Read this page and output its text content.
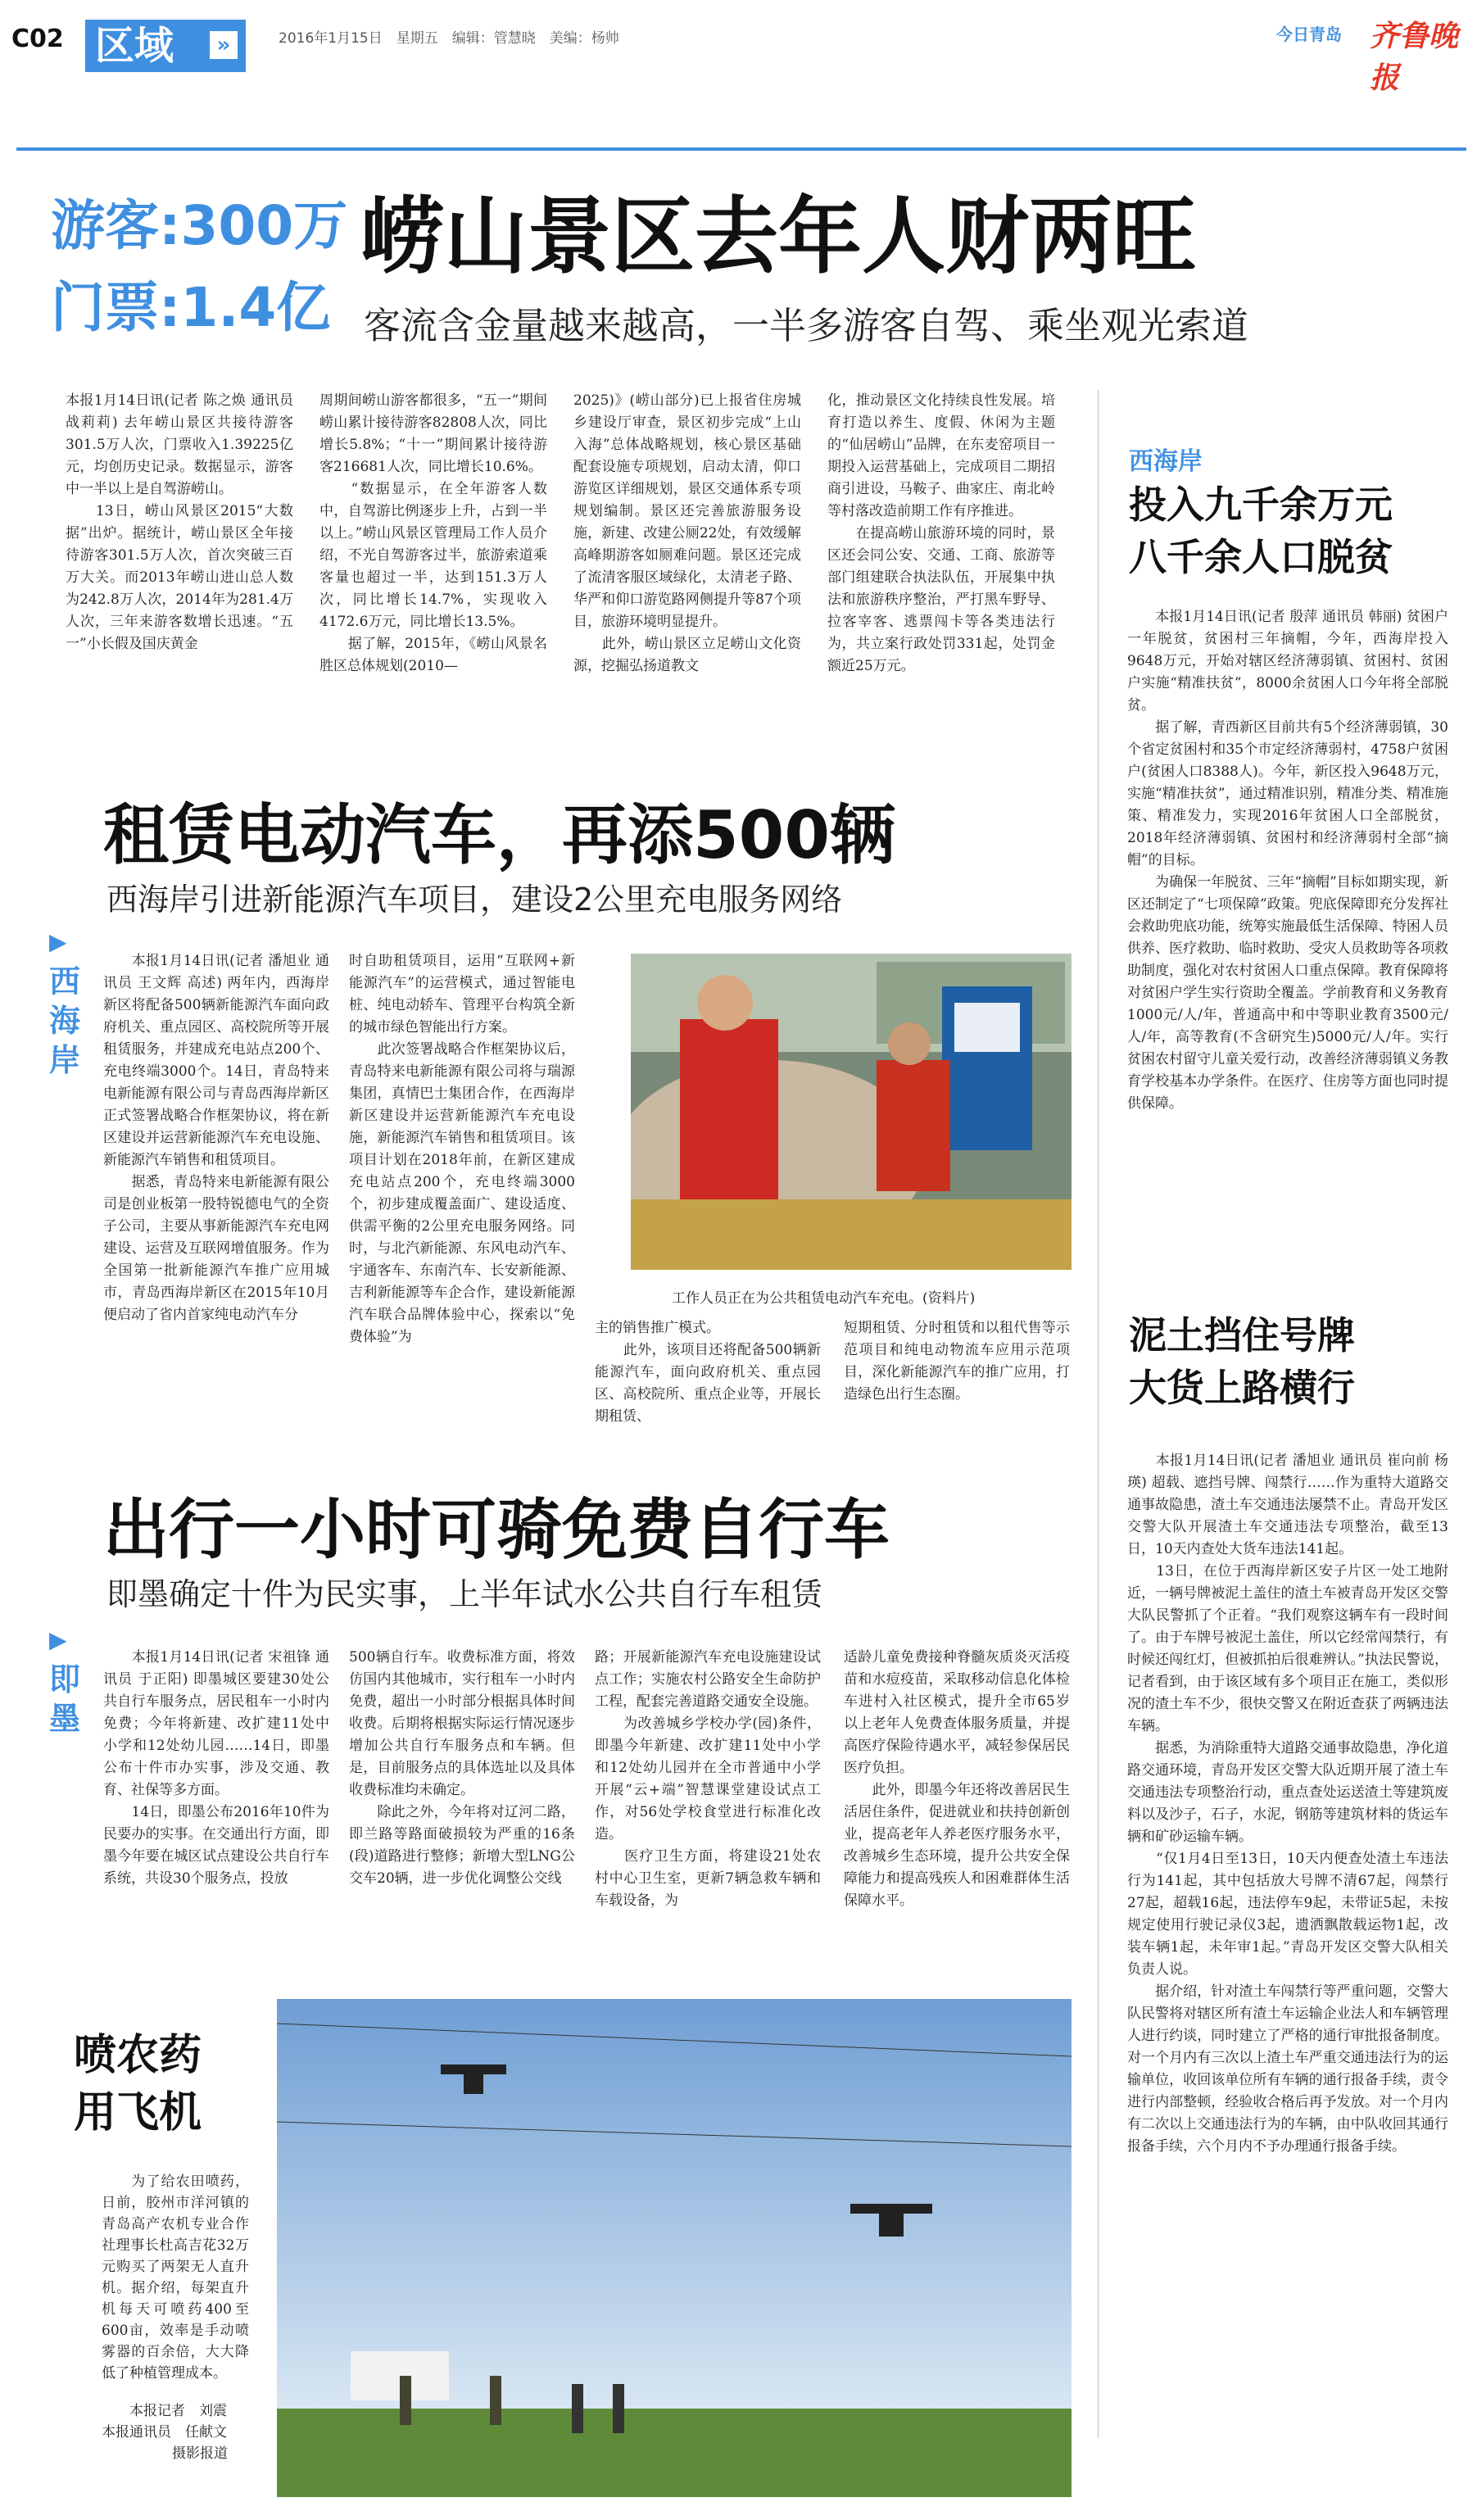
C02 区域	»	2016年1月15日　星期五　编辑：管慧晓　美编：杨帅	今日青岛 齐鲁晚报
游客:300万
门票:1.4亿
崂山景区去年人财两旺
客流含金量越来越高，一半多游客自驾、乘坐观光索道
本报1月14日讯(记者 陈之焕 通讯员 战莉莉) 去年崂山景区共接待游客301.5万人次，门票收入1.39225亿元，均创历史记录。数据显示，游客中一半以上是自驾游崂山。
　　13日，崂山风景区2015“大数据”出炉。据统计，崂山景区全年接待游客301.5万人次，首次突破三百万大关。而2013年崂山进山总人数为242.8万人次，2014年为281.4万人次，三年来游客数增长迅速。“五一”小长假及国庆黄金
周期间崂山游客都很多，“五一”期间崂山累计接待游客82808人次，同比增长5.8%；“十一”期间累计接待游客216681人次，同比增长10.6%。
　　“数据显示，在全年游客人数中，自驾游比例逐步上升，占到一半以上。”崂山风景区管理局工作人员介绍，不光自驾游客过半，旅游索道乘客量也超过一半，达到151.3万人次，同比增长14.7%，实现收入4172.6万元，同比增长13.5%。
　　据了解，2015年，《崂山风景名胜区总体规划(2010—
2025)》(崂山部分)已上报省住房城乡建设厅审查，景区初步完成“上山入海”总体战略规划，核心景区基础配套设施专项规划，启动太清，仰口游览区详细规划，景区交通体系专项规划编制。景区还完善旅游服务设施，新建、改建公厕22处，有效缓解高峰期游客如厕难问题。景区还完成了流清客服区域绿化，太清老子路、华严和仰口游览路网侧提升等87个项目，旅游环境明显提升。
　　此外，崂山景区立足崂山文化资源，挖掘弘扬道教文
化，推动景区文化持续良性发展。培育打造以养生、度假、休闲为主题的“仙居崂山”品牌，在东麦窑项目一期投入运营基础上，完成项目二期招商引进设，马鞍子、曲家庄、南北岭等村落改造前期工作有序推进。
　　在提高崂山旅游环境的同时，景区还会同公安、交通、工商、旅游等部门组建联合执法队伍，开展集中执法和旅游秩序整治，严打黑车野导、拉客宰客、逃票闯卡等各类违法行为，共立案行政处罚331起，处罚金额近25万元。
西海岸
投入九千余万元
八千余人口脱贫
　　本报1月14日讯(记者 殷萍 通讯员 韩丽) 贫困户一年脱贫，贫困村三年摘帽，今年，西海岸投入9648万元，开始对辖区经济薄弱镇、贫困村、贫困户实施“精准扶贫”，8000余贫困人口今年将全部脱贫。
　　据了解，青西新区目前共有5个经济薄弱镇，30个省定贫困村和35个市定经济薄弱村，4758户贫困户(贫困人口8388人)。今年，新区投入9648万元，实施“精准扶贫”，通过精准识别，精准分类、精准施策、精准发力，实现2016年贫困人口全部脱贫，2018年经济薄弱镇、贫困村和经济薄弱村全部“摘帽”的目标。
　　为确保一年脱贫、三年“摘帽”目标如期实现，新区还制定了“七项保障”政策。兜底保障即充分发挥社会救助兜底功能，统筹实施最低生活保障、特困人员供养、医疗救助、临时救助、受灾人员救助等各项救助制度，强化对农村贫困人口重点保障。教育保障将对贫困户学生实行资助全覆盖。学前教育和义务教育1000元/人/年，普通高中和中等职业教育3500元/人/年，高等教育(不含研究生)5000元/人/年。实行贫困农村留守儿童关爱行动，改善经济薄弱镇义务教育学校基本办学条件。在医疗、住房等方面也同时提供保障。
泥土挡住号牌
大货上路横行
　　本报1月14日讯(记者 潘旭业 通讯员 崔向前 杨瑛) 超载、遮挡号牌、闯禁行……作为重特大道路交通事故隐患，渣土车交通违法屡禁不止。青岛开发区交警大队开展渣土车交通违法专项整治，截至13日，10天内查处大货车违法141起。
　　13日，在位于西海岸新区安子片区一处工地附近，一辆号牌被泥土盖住的渣土车被青岛开发区交警大队民警抓了个正着。“我们观察这辆车有一段时间了。由于车牌号被泥土盖住，所以它经常闯禁行，有时候还闯红灯，但被抓拍后很难辨认。”执法民警说，记者看到，由于该区域有多个项目正在施工，类似形况的渣土车不少，很快交警又在附近查获了两辆违法车辆。
　　据悉，为消除重特大道路交通事故隐患，净化道路交通环境，青岛开发区交警大队近期开展了渣土车交通违法专项整治行动，重点查处运送渣土等建筑废料以及沙子，石子，水泥，钢筋等建筑材料的货运车辆和矿砂运输车辆。
　　“仅1月4日至13日，10天内便查处渣土车违法行为141起，其中包括放大号牌不清67起，闯禁行27起，超载16起，违法停车9起，未带证5起，未按规定使用行驶记录仪3起，遗洒飘散载运物1起，改装车辆1起，未年审1起。”青岛开发区交警大队相关负责人说。
　　据介绍，针对渣土车闯禁行等严重问题，交警大队民警将对辖区所有渣土车运输企业法人和车辆管理人进行约谈，同时建立了严格的通行审批报备制度。对一个月内有三次以上渣土车严重交通违法行为的运输单位，收回该单位所有车辆的通行报备手续，责令进行内部整顿，经验收合格后再予发放。对一个月内有二次以上交通违法行为的车辆，由中队收回其通行报备手续，六个月内不予办理通行报备手续。
▶
西海岸
租赁电动汽车，再添500辆
西海岸引进新能源汽车项目，建设2公里充电服务网络
　　本报1月14日讯(记者 潘旭业 通讯员 王文辉 高述) 两年内，西海岸新区将配备500辆新能源汽车面向政府机关、重点园区、高校院所等开展租赁服务，并建成充电站点200个、充电终端3000个。14日，青岛特来电新能源有限公司与青岛西海岸新区正式签署战略合作框架协议，将在新区建设并运营新能源汽车充电设施、新能源汽车销售和租赁项目。
　　据悉，青岛特来电新能源有限公司是创业板第一股特锐德电气的全资子公司，主要从事新能源汽车充电网建设、运营及互联网增值服务。作为全国第一批新能源汽车推广应用城市，青岛西海岸新区在2015年10月便启动了省内首家纯电动汽车分
时自助租赁项目，运用“互联网+新能源汽车”的运营模式，通过智能电桩、纯电动轿车、管理平台构筑全新的城市绿色智能出行方案。
　　此次签署战略合作框架协议后，青岛特来电新能源有限公司将与瑞源集团，真情巴士集团合作，在西海岸新区建设并运营新能源汽车充电设施，新能源汽车销售和租赁项目。该项目计划在2018年前，在新区建成充电站点200个，充电终端3000个，初步建成覆盖面广、建设适度、供需平衡的2公里充电服务网络。同时，与北汽新能源、东风电动汽车、宇通客车、东南汽车、长安新能源、吉利新能源等车企合作，建设新能源汽车联合品牌体验中心，探索以“免费体验”为
工作人员正在为公共租赁电动汽车充电。(资料片)
主的销售推广模式。
　　此外，该项目还将配备500辆新能源汽车，面向政府机关、重点园区、高校院所、重点企业等，开展长期租赁、
短期租赁、分时租赁和以租代售等示范项目和纯电动物流车应用示范项目，深化新能源汽车的推广应用，打造绿色出行生态圈。
▶
即墨
出行一小时可骑免费自行车
即墨确定十件为民实事，上半年试水公共自行车租赁
　　本报1月14日讯(记者 宋祖锋 通讯员 于正阳) 即墨城区要建30处公共自行车服务点，居民租车一小时内免费；今年将新建、改扩建11处中小学和12处幼儿园……14日，即墨公布十件市办实事，涉及交通、教育、社保等多方面。
　　14日，即墨公布2016年10件为民要办的实事。在交通出行方面，即墨今年要在城区试点建设公共自行车系统，共设30个服务点，投放
500辆自行车。收费标准方面，将效仿国内其他城市，实行租车一小时内免费，超出一小时部分根据具体时间收费。后期将根据实际运行情况逐步增加公共自行车服务点和车辆。但是，目前服务点的具体选址以及具体收费标准均未确定。
　　除此之外，今年将对辽河二路，即兰路等路面破损较为严重的16条(段)道路进行整修；新增大型LNG公交车20辆，进一步优化调整公交线
路；开展新能源汽车充电设施建设试点工作；实施农村公路安全生命防护工程，配套完善道路交通安全设施。
　　为改善城乡学校办学(园)条件，即墨今年新建、改扩建11处中小学和12处幼儿园并在全市普通中小学开展“云+端”智慧课堂建设试点工作，对56处学校食堂进行标准化改造。
　　医疗卫生方面，将建设21处农村中心卫生室，更新7辆急救车辆和车载设备，为
适龄儿童免费接种脊髓灰质炎灭活疫苗和水痘疫苗，采取移动信息化体检车进村入社区模式，提升全市65岁以上老年人免费查体服务质量，并提高医疗保险待遇水平，减轻参保居民医疗负担。
　　此外，即墨今年还将改善居民生活居住条件，促进就业和扶持创新创业，提高老年人养老医疗服务水平，改善城乡生态环境，提升公共安全保障能力和提高残疾人和困难群体生活保障水平。
喷农药
用飞机
　　为了给农田喷药，日前，胶州市洋河镇的青岛高产农机专业合作社理事长杜高吉花32万元购买了两架无人直升机。据介绍，每架直升机每天可喷药400至600亩，效率是手动喷雾器的百余倍，大大降低了种植管理成本。
　　本报记者　刘震
本报通讯员　任献文
摄影报道
